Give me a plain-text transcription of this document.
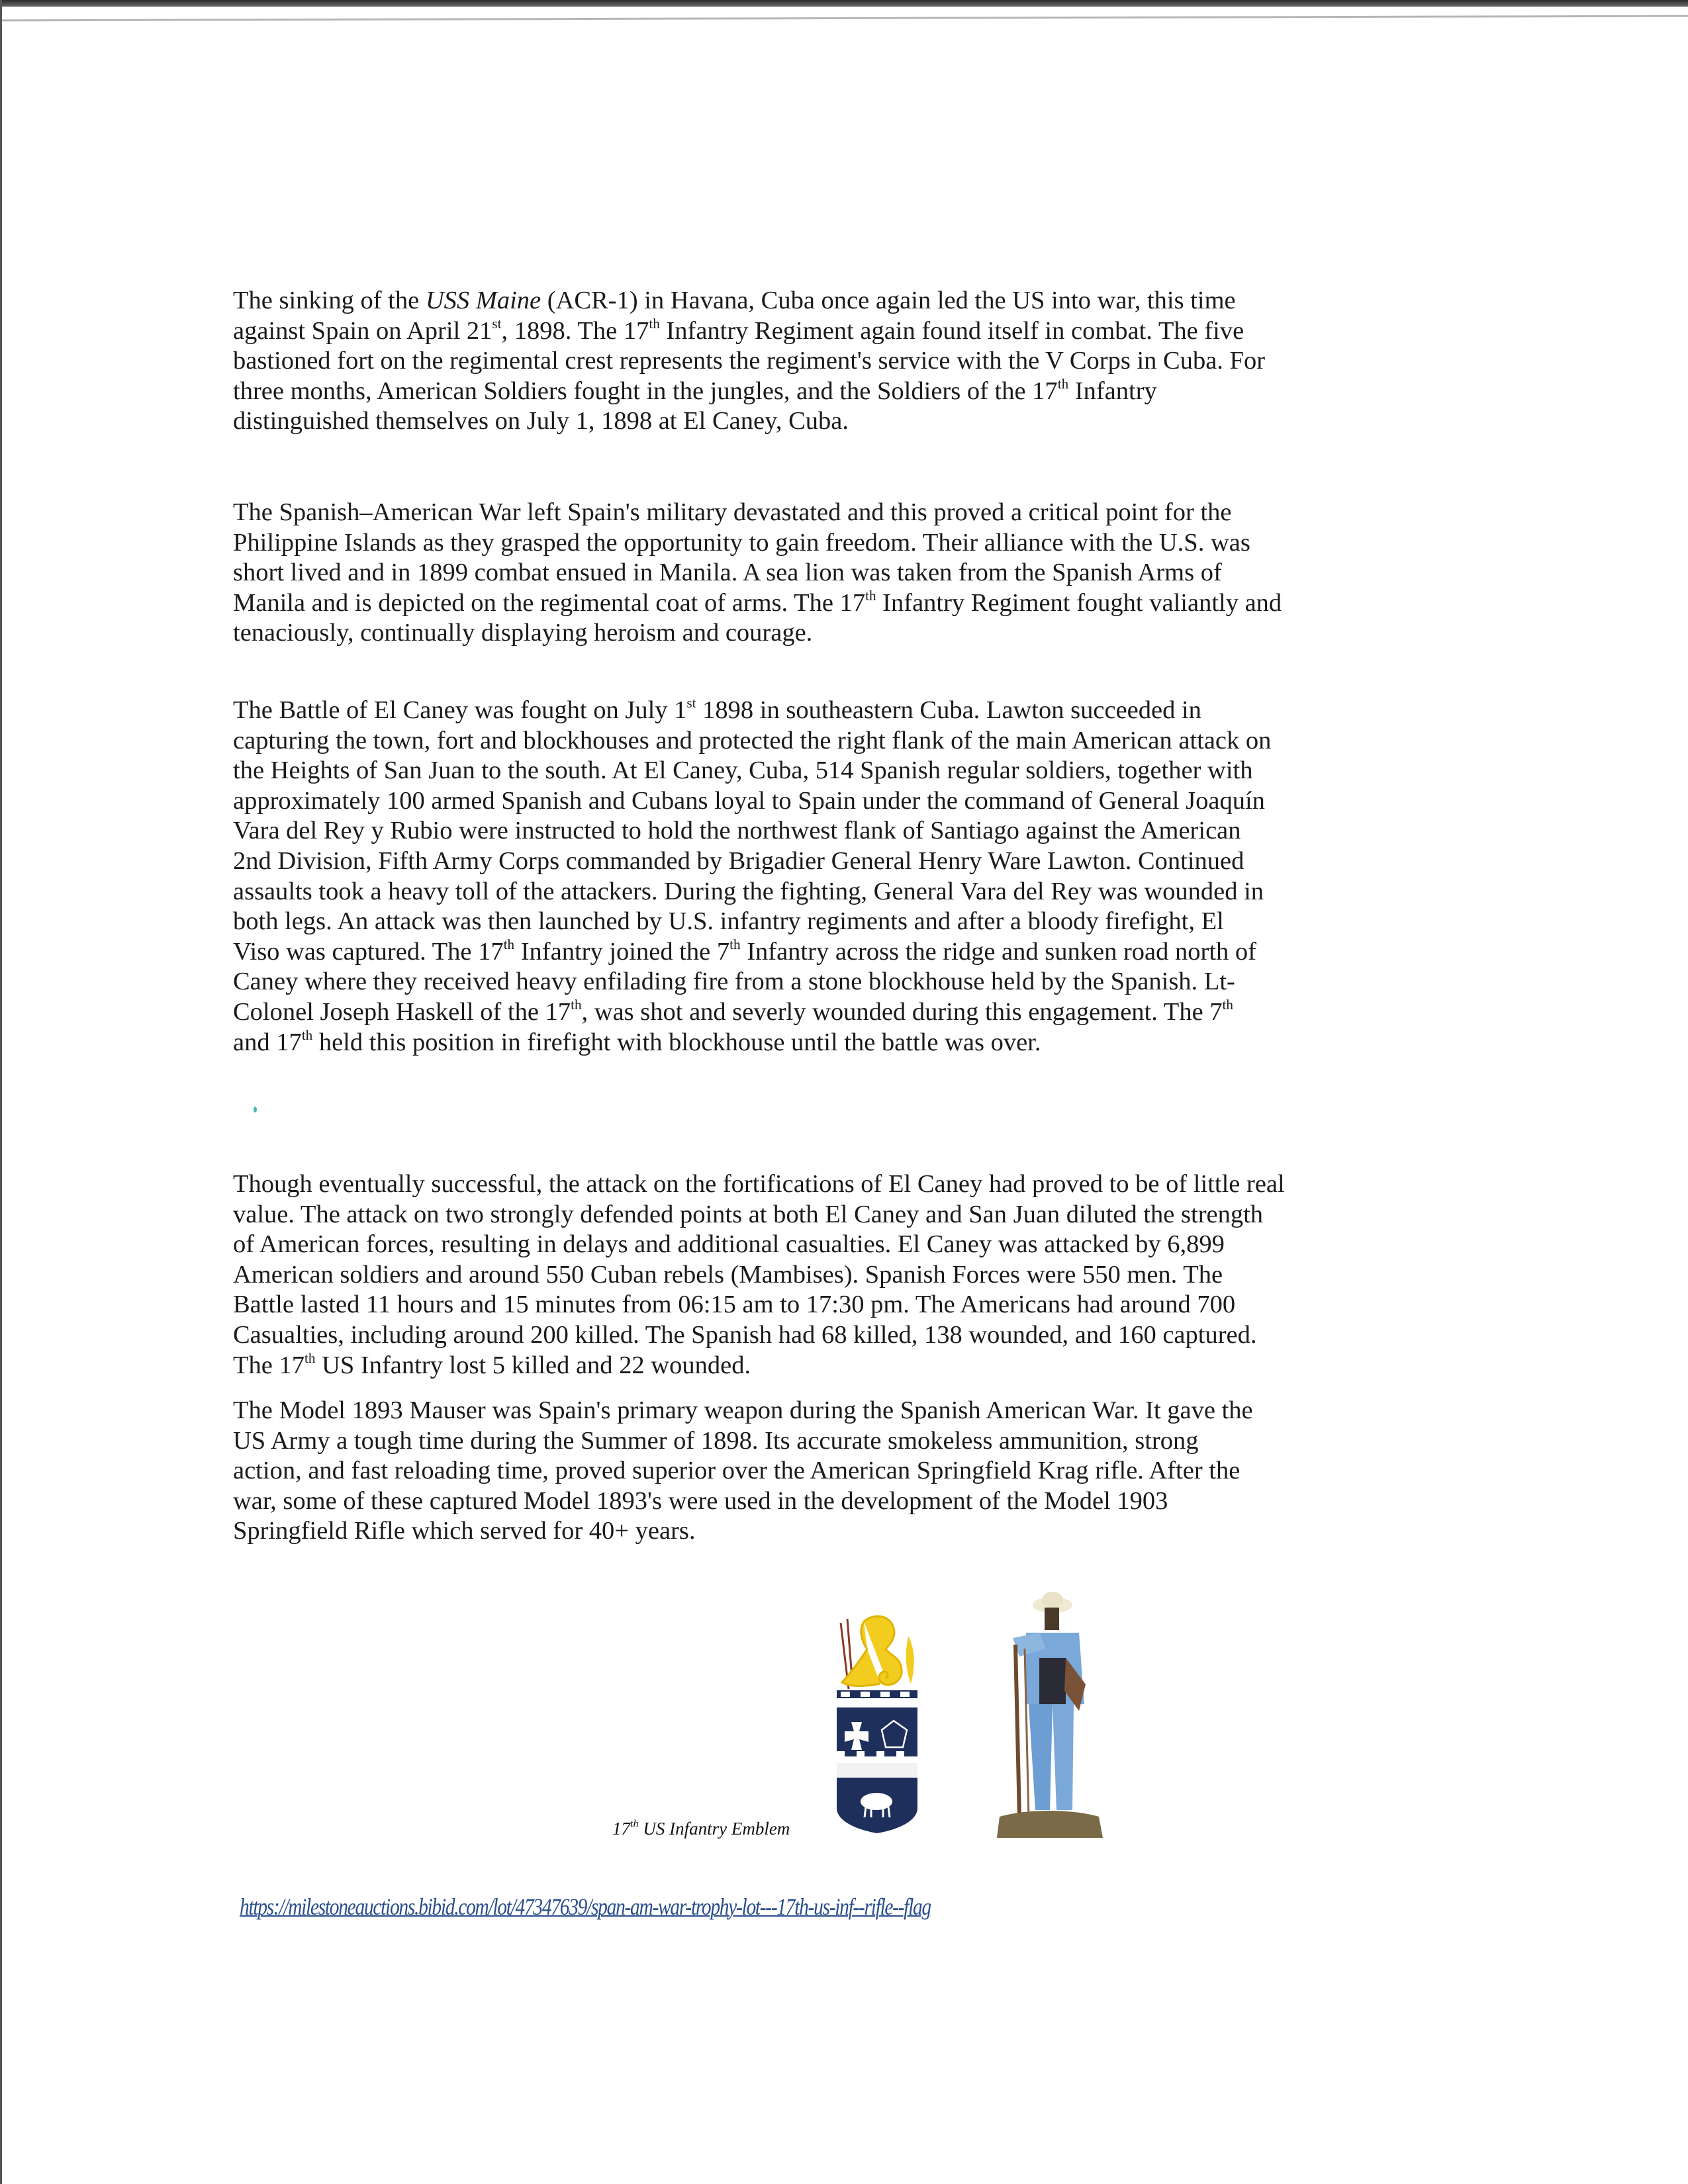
The sinking of the USS Maine (ACR-1) in Havana, Cuba once again led the US into war, this time
against Spain on April 21st, 1898. The 17th Infantry Regiment again found itself in combat. The five
bastioned fort on the regimental crest represents the regiment's service with the V Corps in Cuba. For
three months, American Soldiers fought in the jungles, and the Soldiers of the 17th Infantry
distinguished themselves on July 1, 1898 at El Caney, Cuba.
The Spanish–American War left Spain's military devastated and this proved a critical point for the
Philippine Islands as they grasped the opportunity to gain freedom. Their alliance with the U.S. was
short lived and in 1899 combat ensued in Manila. A sea lion was taken from the Spanish Arms of
Manila and is depicted on the regimental coat of arms. The 17th Infantry Regiment fought valiantly and
tenaciously, continually displaying heroism and courage.
The Battle of El Caney was fought on July 1st 1898 in southeastern Cuba. Lawton succeeded in
capturing the town, fort and blockhouses and protected the right flank of the main American attack on
the Heights of San Juan to the south. At El Caney, Cuba, 514 Spanish regular soldiers, together with
approximately 100 armed Spanish and Cubans loyal to Spain under the command of General Joaquín
Vara del Rey y Rubio were instructed to hold the northwest flank of Santiago against the American
2nd Division, Fifth Army Corps commanded by Brigadier General Henry Ware Lawton. Continued
assaults took a heavy toll of the attackers. During the fighting, General Vara del Rey was wounded in
both legs. An attack was then launched by U.S. infantry regiments and after a bloody firefight, El
Viso was captured. The 17th Infantry joined the 7th Infantry across the ridge and sunken road north of
Caney where they received heavy enfilading fire from a stone blockhouse held by the Spanish. Lt-
Colonel Joseph Haskell of the 17th, was shot and severly wounded during this engagement. The 7th
and 17th held this position in firefight with blockhouse until the battle was over.
Though eventually successful, the attack on the fortifications of El Caney had proved to be of little real
value. The attack on two strongly defended points at both El Caney and San Juan diluted the strength
of American forces, resulting in delays and additional casualties. El Caney was attacked by 6,899
American soldiers and around 550 Cuban rebels (Mambises). Spanish Forces were 550 men. The
Battle lasted 11 hours and 15 minutes from 06:15 am to 17:30 pm. The Americans had around 700
Casualties, including around 200 killed. The Spanish had 68 killed, 138 wounded, and 160 captured.
The 17th US Infantry lost 5 killed and 22 wounded.
The Model 1893 Mauser was Spain's primary weapon during the Spanish American War. It gave the
US Army a tough time during the Summer of 1898. Its accurate smokeless ammunition, strong
action, and fast reloading time, proved superior over the American Springfield Krag rifle. After the
war, some of these captured Model 1893's were used in the development of the Model 1903
Springfield Rifle which served for 40+ years.
17th US Infantry Emblem
https://milestoneauctions.bibid.com/lot/47347639/span-am-war-trophy-lot---17th-us-inf--rifle--flag
